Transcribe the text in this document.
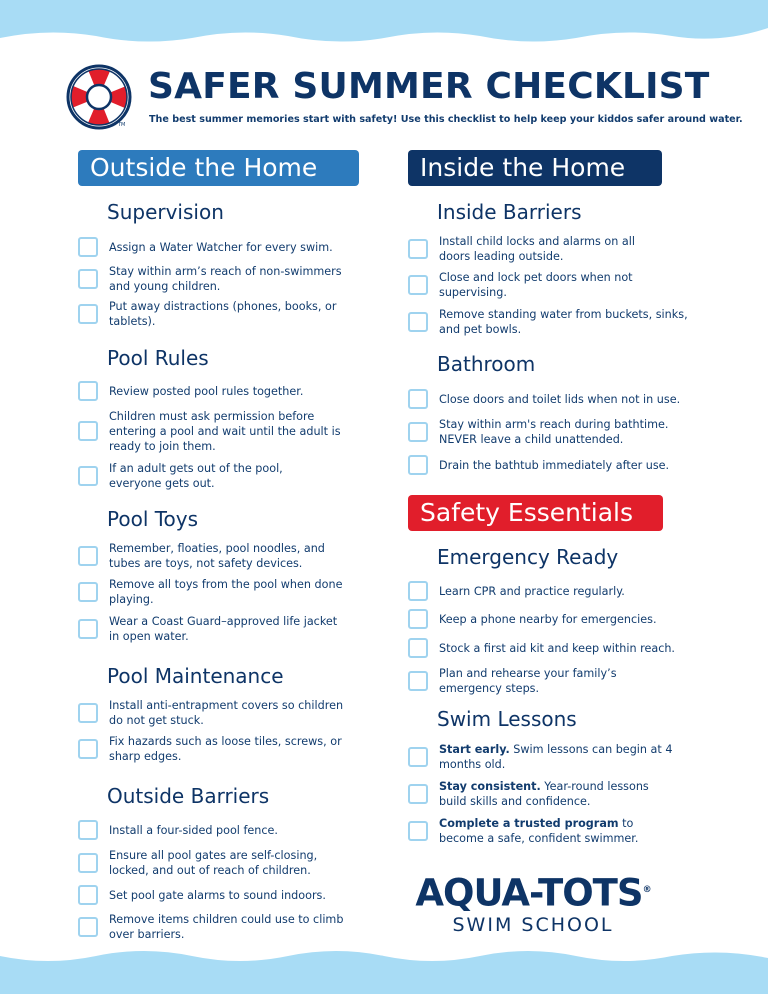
TM
SAFER SUMMER CHECKLIST

The best summer memories start with safety! Use this checklist to help keep your kiddos safer around water.

Outside the Home	Inside the Home
Safety Essentials
Supervision
Assign a Water Watcher for every swim.
Stay within arm’s reach of non-swimmers and young children.
Put away distractions (phones, books, or tablets).
Pool Rules
Review posted pool rules together.
Children must ask permission before entering a pool and wait until the adult is ready to join them.
If an adult gets out of the pool, everyone gets out.
Pool Toys
Remember, floaties, pool noodles, and tubes are toys, not safety devices.
Remove all toys from the pool when done playing.
Wear a Coast Guard–approved life jacket in open water.
Pool Maintenance
Install anti-entrapment covers so children do not get stuck.
Fix hazards such as loose tiles, screws, or sharp edges.
Outside Barriers
Install a four-sided pool fence.
Ensure all pool gates are self-closing, locked, and out of reach of children.
Set pool gate alarms to sound indoors.
Remove items children could use to climb over barriers.
Inside Barriers
Install child locks and alarms on all doors leading outside.
Close and lock pet doors when not supervising.
Remove standing water from buckets, sinks, and pet bowls.
Bathroom
Close doors and toilet lids when not in use.
Stay within arm's reach during bathtime. NEVER leave a child unattended.
Drain the bathtub immediately after use.
Emergency Ready
Learn CPR and practice regularly.
Keep a phone nearby for emergencies.
Stock a first aid kit and keep within reach.
Plan and rehearse your family’s emergency steps.
Swim Lessons
Start early. Swim lessons can begin at 4 months old.
Stay consistent. Year-round lessons build skills and confidence.
Complete a trusted program to become a safe, confident swimmer.
AQUA-TOTS®
SWIM SCHOOL
